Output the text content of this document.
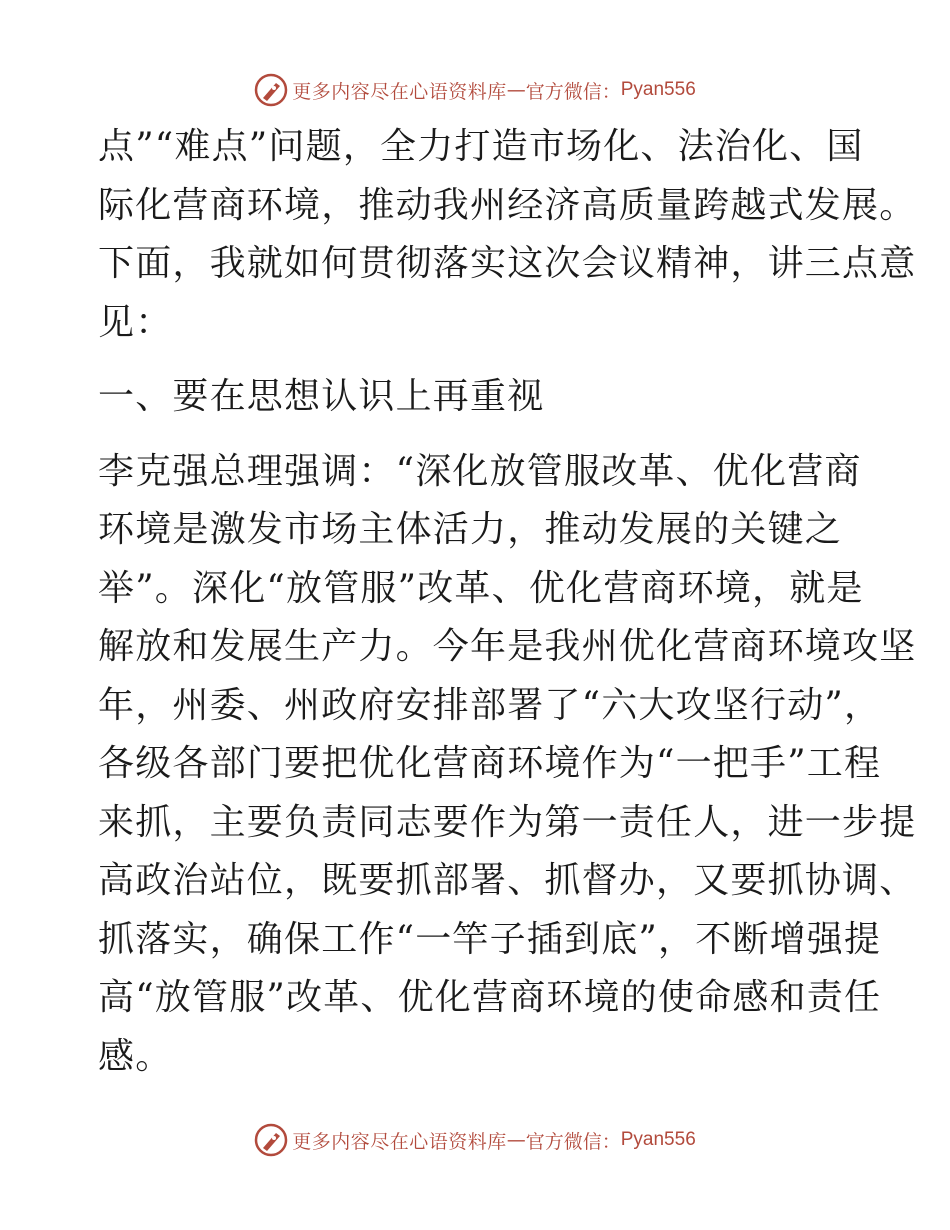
更多内容尽在心语资料库 — 官方微信： Pyan556
点”“难点”问题，全力打造市场化、法治化、国
际化营商环境，推动我州经济高质量跨越式发展。
下面，我就如何贯彻落实这次会议精神，讲三点意
见：
一、要在思想认识上再重视
李克强总理强调：“深化放管服改革、优化营商
环境是激发市场主体活力，推动发展的关键之
举”。深化“放管服”改革、优化营商环境，就是
解放和发展生产力。今年是我州优化营商环境攻坚
年，州委、州政府安排部署了“六大攻坚行动”，
各级各部门要把优化营商环境作为“一把手”工程
来抓，主要负责同志要作为第一责任人，进一步提
高政治站位，既要抓部署、抓督办，又要抓协调、
抓落实，确保工作“一竿子插到底”，不断增强提
高“放管服”改革、优化营商环境的使命感和责任
感。
更多内容尽在心语资料库 — 官方微信： Pyan556
